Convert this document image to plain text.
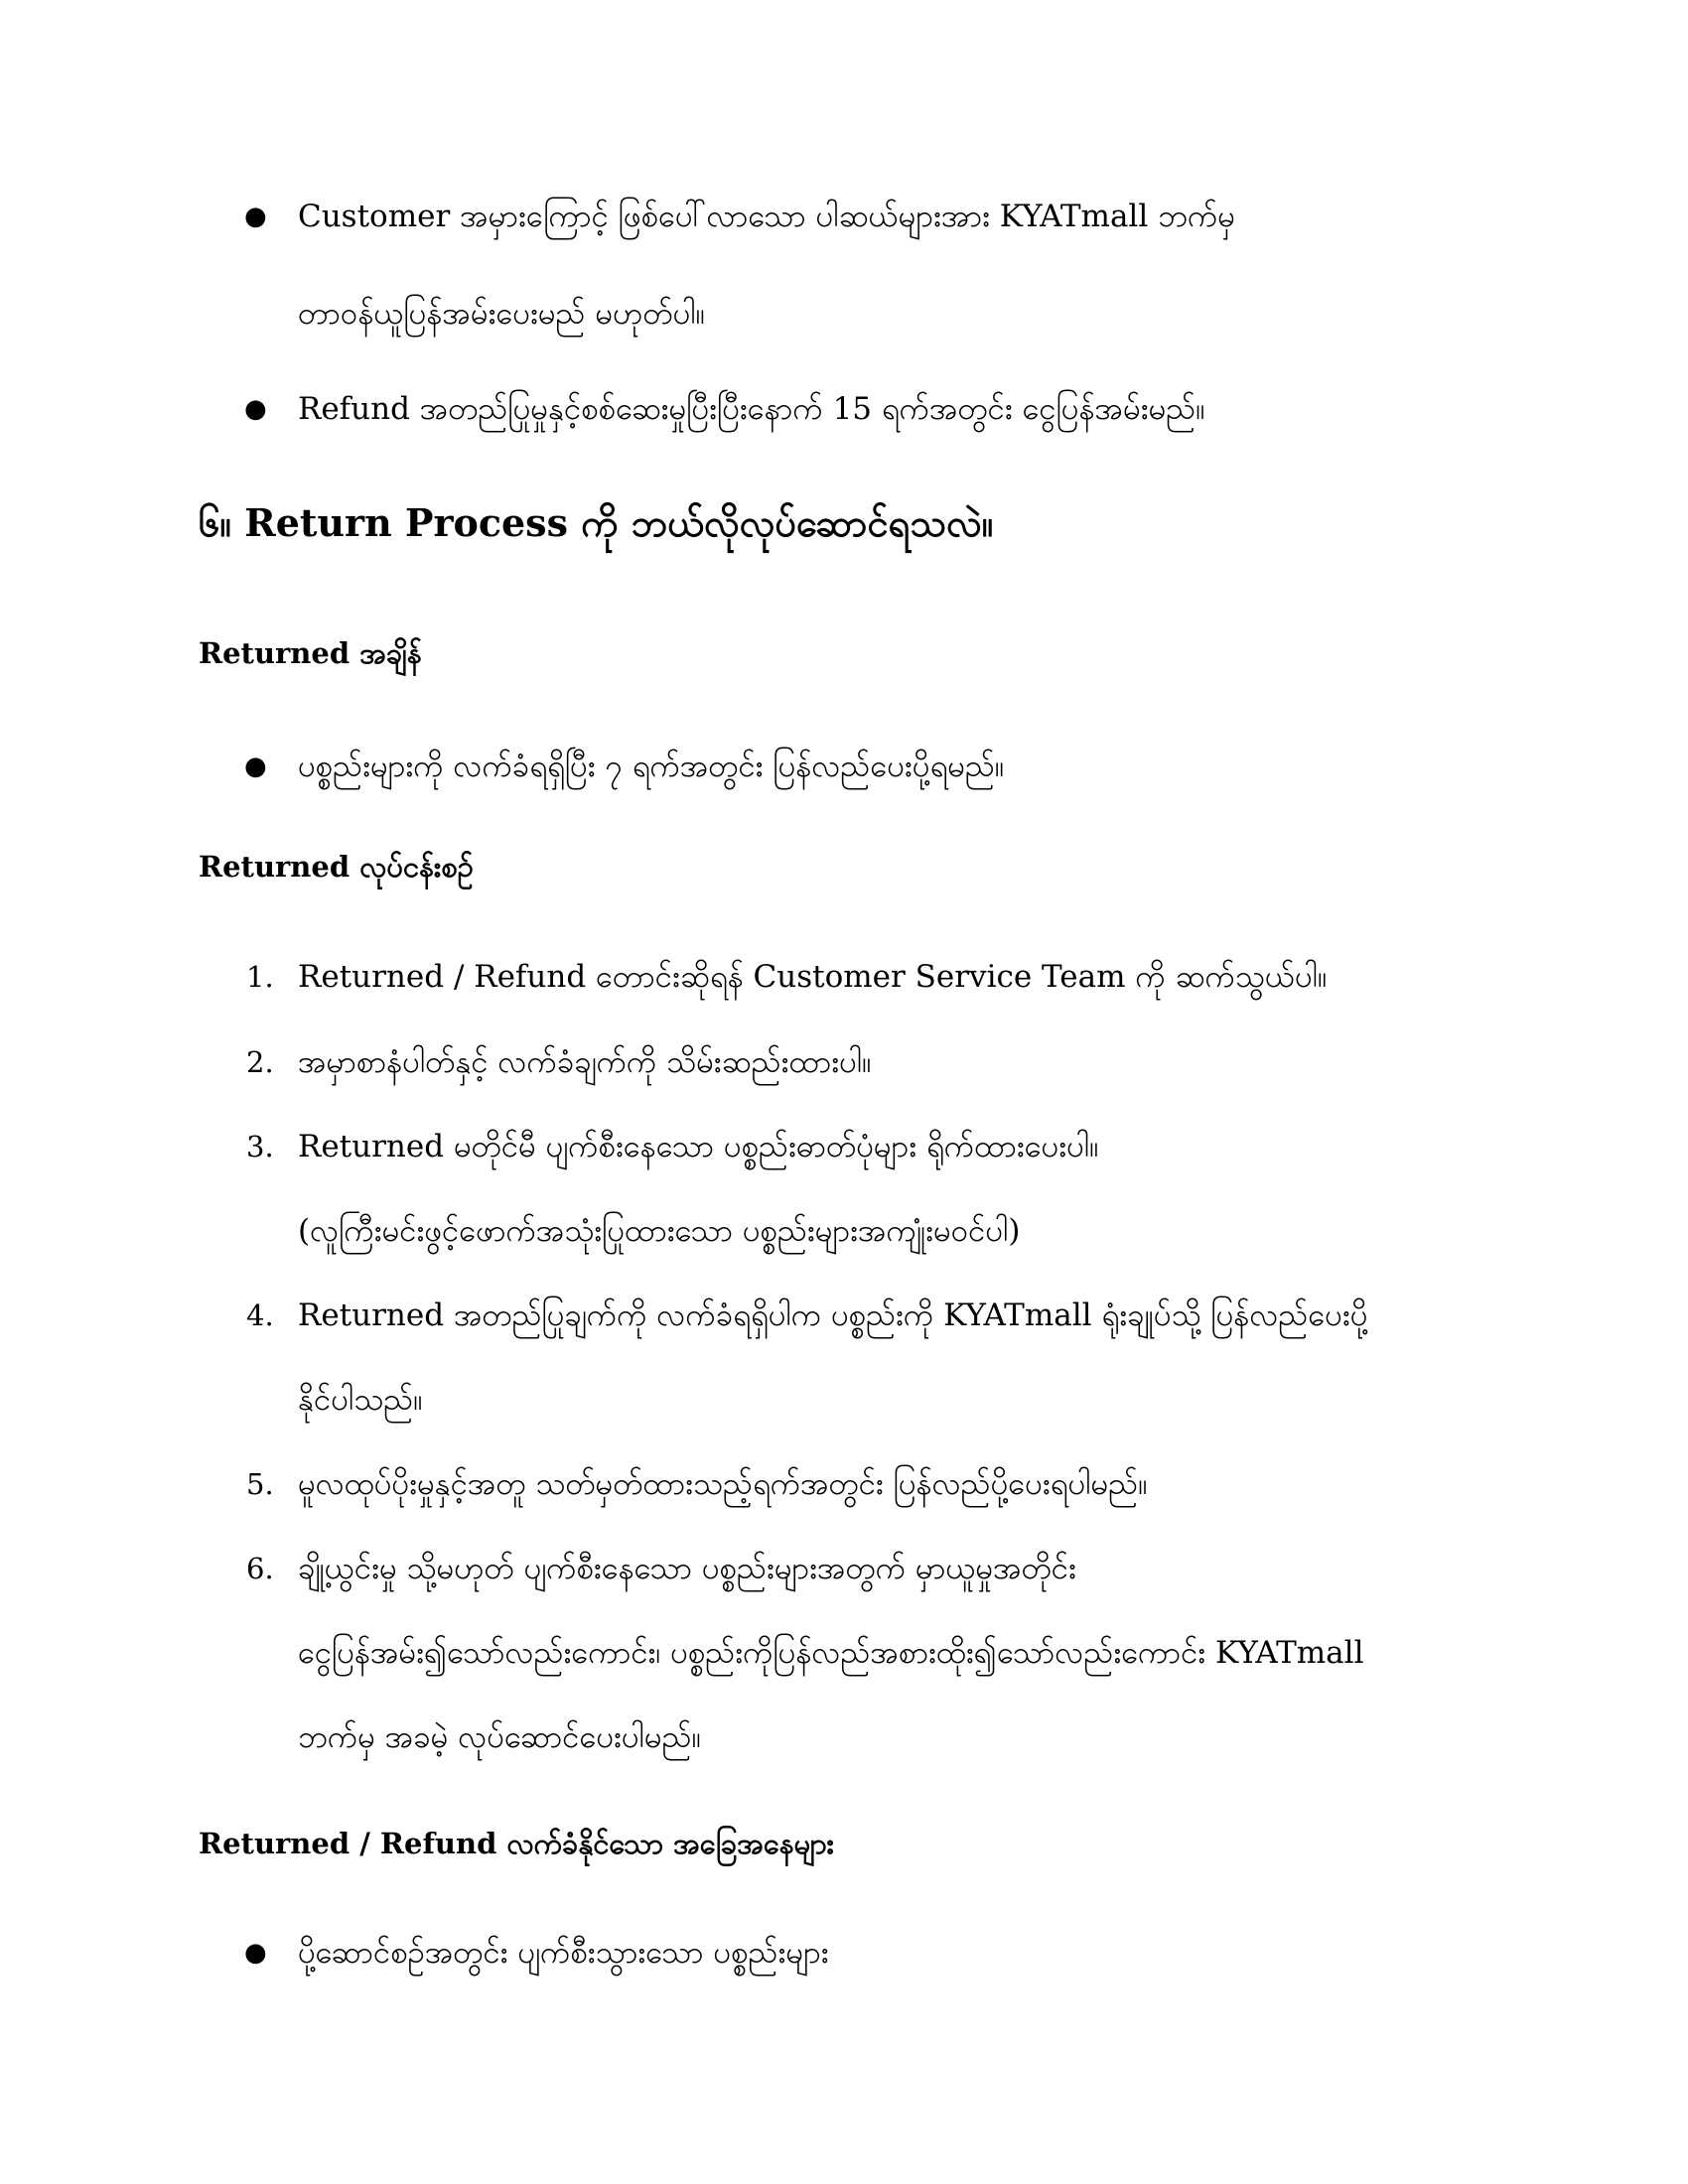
● Customer အမှားကြောင့် ဖြစ်ပေါ်လာသော ပါဆယ်များအား KYATmall ဘက်မှ
တာဝန်ယူပြန်အမ်းပေးမည် မဟုတ်ပါ။
● Refund အတည်ပြုမှုနှင့်စစ်ဆေးမှုပြီးပြီးနောက် 15 ရက်အတွင်း ငွေပြန်အမ်းမည်။
၆။ Return Process ကို ဘယ်လိုလုပ်ဆောင်ရသလဲ။
Returned အချိန်
● ပစ္စည်းများကို လက်ခံရရှိပြီး ၇ ရက်အတွင်း ပြန်လည်ပေးပို့ရမည်။
Returned လုပ်ငန်းစဉ်
1. Returned / Refund တောင်းဆိုရန် Customer Service Team ကို ဆက်သွယ်ပါ။
2. အမှာစာနံပါတ်နှင့် လက်ခံချက်ကို သိမ်းဆည်းထားပါ။
3. Returned မတိုင်မီ ပျက်စီးနေသော ပစ္စည်းဓာတ်ပုံများ ရိုက်ထားပေးပါ။
(လူကြီးမင်းဖွင့်ဖောက်အသုံးပြုထားသော ပစ္စည်းများအကျုံးမဝင်ပါ)
4. Returned အတည်ပြုချက်ကို လက်ခံရရှိပါက ပစ္စည်းကို KYATmall ရုံးချုပ်သို့ ပြန်လည်ပေးပို့
နိုင်ပါသည်။
5. မူလထုပ်ပိုးမှုနှင့်အတူ သတ်မှတ်ထားသည့်ရက်အတွင်း ပြန်လည်ပို့ပေးရပါမည်။
6. ချို့ယွင်းမှု သို့မဟုတ် ပျက်စီးနေသော ပစ္စည်းများအတွက် မှာယူမှုအတိုင်း
ငွေပြန်အမ်း၍သော်လည်းကောင်း၊ ပစ္စည်းကိုပြန်လည်အစားထိုး၍သော်လည်းကောင်း KYATmall
ဘက်မှ အခမဲ့ လုပ်ဆောင်ပေးပါမည်။
Returned / Refund လက်ခံနိုင်သော အခြေအနေများ
● ပို့ဆောင်စဉ်အတွင်း ပျက်စီးသွားသော ပစ္စည်းများ
